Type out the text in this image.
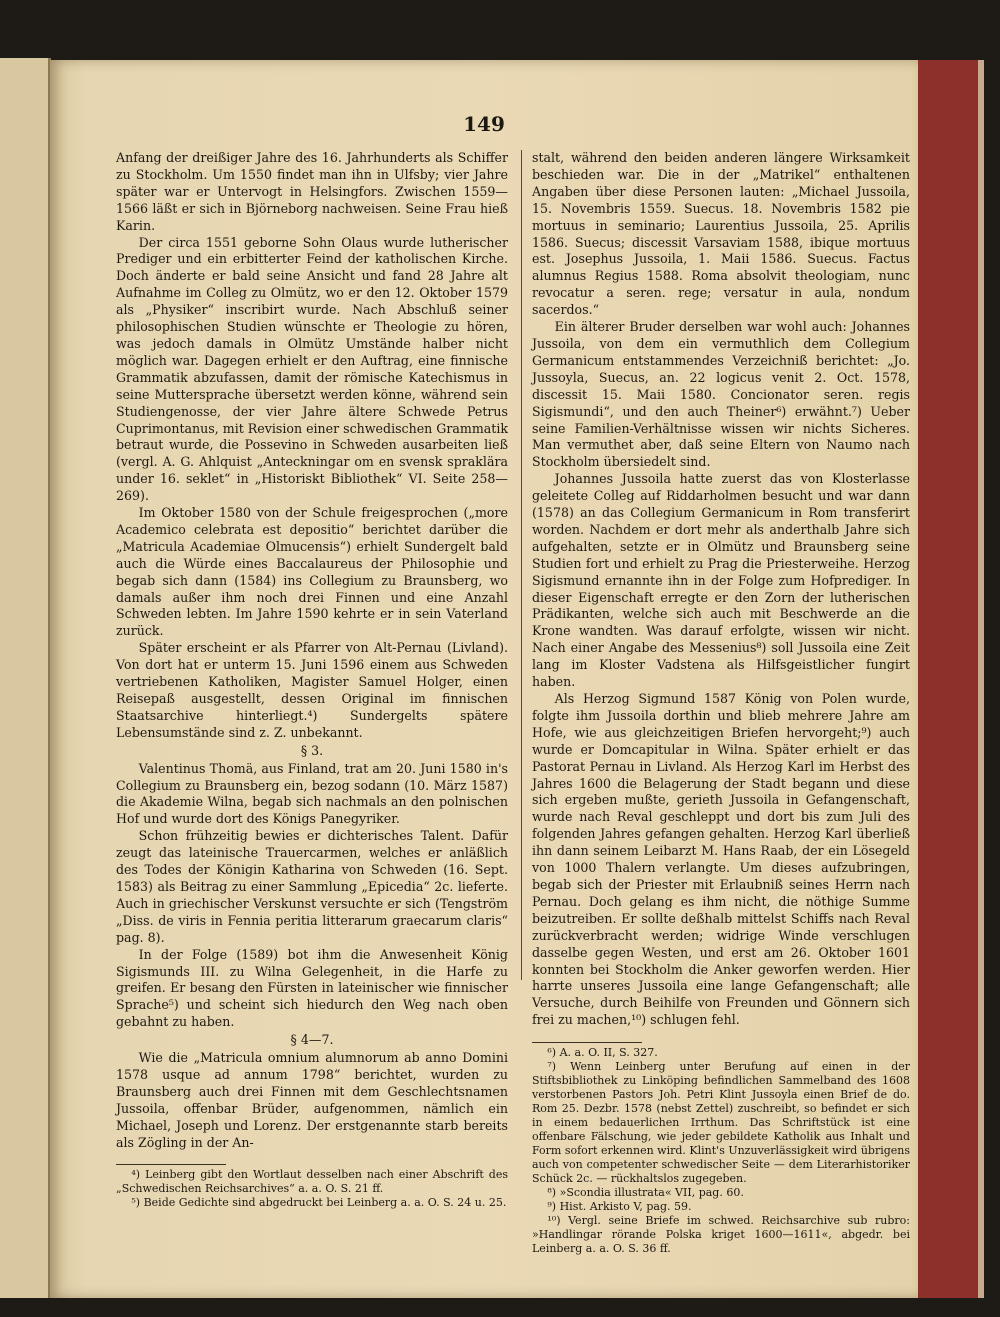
149

Anfang der dreißiger Jahre des 16. Jahrhunderts als Schiffer zu Stockholm. Um 1550 findet man ihn in Ulfsby; vier Jahre später war er Untervogt in Helsingfors. Zwischen 1559—1566 läßt er sich in Björneborg nachweisen. Seine Frau hieß Karin.

Der circa 1551 geborne Sohn Olaus wurde lutherischer Prediger und ein erbitterter Feind der katholischen Kirche. Doch änderte er bald seine Ansicht und fand 28 Jahre alt Aufnahme im Colleg zu Olmütz, wo er den 12. Oktober 1579 als „Physiker“ inscribirt wurde. Nach Abschluß seiner philosophischen Studien wünschte er Theologie zu hören, was jedoch damals in Olmütz Umstände halber nicht möglich war. Dagegen erhielt er den Auftrag, eine finnische Grammatik abzufassen, damit der römische Katechismus in seine Muttersprache übersetzt werden könne, während sein Studiengenosse, der vier Jahre ältere Schwede Petrus Cuprimontanus, mit Revision einer schwedischen Grammatik betraut wurde, die Possevino in Schweden ausarbeiten ließ (vergl. A. G. Ahlquist „Anteckningar om en svensk spraklära under 16. seklet“ in „Historiskt Bibliothek“ VI. Seite 258—269).

Im Oktober 1580 von der Schule freigesprochen („more Academico celebrata est depositio“ berichtet darüber die „Matricula Academiae Olmucensis“) erhielt Sundergelt bald auch die Würde eines Baccalaureus der Philosophie und begab sich dann (1584) ins Collegium zu Braunsberg, wo damals außer ihm noch drei Finnen und eine Anzahl Schweden lebten. Im Jahre 1590 kehrte er in sein Vaterland zurück.

Später erscheint er als Pfarrer von Alt-Pernau (Livland). Von dort hat er unterm 15. Juni 1596 einem aus Schweden vertriebenen Katholiken, Magister Samuel Holger, einen Reisepaß ausgestellt, dessen Original im finnischen Staatsarchive hinterliegt.⁴) Sundergelts spätere Lebensumstände sind z. Z. unbekannt.

§ 3.

Valentinus Thomä, aus Finland, trat am 20. Juni 1580 in's Collegium zu Braunsberg ein, bezog sodann (10. März 1587) die Akademie Wilna, begab sich nachmals an den polnischen Hof und wurde dort des Königs Panegyriker.

Schon frühzeitig bewies er dichterisches Talent. Dafür zeugt das lateinische Trauercarmen, welches er anläßlich des Todes der Königin Katharina von Schweden (16. Sept. 1583) als Beitrag zu einer Sammlung „Epicedia“ 2c. lieferte. Auch in griechischer Verskunst versuchte er sich (Tengström „Diss. de viris in Fennia peritia litterarum graecarum claris“ pag. 8).

In der Folge (1589) bot ihm die Anwesenheit König Sigismunds III. zu Wilna Gelegenheit, in die Harfe zu greifen. Er besang den Fürsten in lateinischer wie finnischer Sprache⁵) und scheint sich hiedurch den Weg nach oben gebahnt zu haben.

§ 4—7.

Wie die „Matricula omnium alumnorum ab anno Domini 1578 usque ad annum 1798“ berichtet, wurden zu Braunsberg auch drei Finnen mit dem Geschlechtsnamen Jussoila, offenbar Brüder, aufgenommen, nämlich ein Michael, Joseph und Lorenz. Der erstgenannte starb bereits als Zögling in der An-

⁴) Leinberg gibt den Wortlaut desselben nach einer Abschrift des „Schwedischen Reichsarchives“ a. a. O. S. 21 ff.

⁵) Beide Gedichte sind abgedruckt bei Leinberg a. a. O. S. 24 u. 25.

stalt, während den beiden anderen längere Wirksamkeit beschieden war. Die in der „Matrikel“ enthaltenen Angaben über diese Personen lauten: „Michael Jussoila, 15. Novembris 1559. Suecus. 18. Novembris 1582 pie mortuus in seminario; Laurentius Jussoila, 25. Aprilis 1586. Suecus; discessit Varsaviam 1588, ibique mortuus est. Josephus Jussoila, 1. Maii 1586. Suecus. Factus alumnus Regius 1588. Roma absolvit theologiam, nunc revocatur a seren. rege; versatur in aula, nondum sacerdos.“

Ein älterer Bruder derselben war wohl auch: Johannes Jussoila, von dem ein vermuthlich dem Collegium Germanicum entstammendes Verzeichniß berichtet: „Jo. Jussoyla, Suecus, an. 22 logicus venit 2. Oct. 1578, discessit 15. Maii 1580. Concionator seren. regis Sigismundi“, und den auch Theiner⁶) erwähnt.⁷) Ueber seine Familien-Verhältnisse wissen wir nichts Sicheres. Man vermuthet aber, daß seine Eltern von Naumo nach Stockholm übersiedelt sind.

Johannes Jussoila hatte zuerst das von Klosterlasse geleitete Colleg auf Riddarholmen besucht und war dann (1578) an das Collegium Germanicum in Rom transferirt worden. Nachdem er dort mehr als anderthalb Jahre sich aufgehalten, setzte er in Olmütz und Braunsberg seine Studien fort und erhielt zu Prag die Priesterweihe. Herzog Sigismund ernannte ihn in der Folge zum Hofprediger. In dieser Eigenschaft erregte er den Zorn der lutherischen Prädikanten, welche sich auch mit Beschwerde an die Krone wandten. Was darauf erfolgte, wissen wir nicht. Nach einer Angabe des Messenius⁸) soll Jussoila eine Zeit lang im Kloster Vadstena als Hilfsgeistlicher fungirt haben.

Als Herzog Sigmund 1587 König von Polen wurde, folgte ihm Jussoila dorthin und blieb mehrere Jahre am Hofe, wie aus gleichzeitigen Briefen hervorgeht;⁹) auch wurde er Domcapitular in Wilna. Später erhielt er das Pastorat Pernau in Livland. Als Herzog Karl im Herbst des Jahres 1600 die Belagerung der Stadt begann und diese sich ergeben mußte, gerieth Jussoila in Gefangenschaft, wurde nach Reval geschleppt und dort bis zum Juli des folgenden Jahres gefangen gehalten. Herzog Karl überließ ihn dann seinem Leibarzt M. Hans Raab, der ein Lösegeld von 1000 Thalern verlangte. Um dieses aufzubringen, begab sich der Priester mit Erlaubniß seines Herrn nach Pernau. Doch gelang es ihm nicht, die nöthige Summe beizutreiben. Er sollte deßhalb mittelst Schiffs nach Reval zurückverbracht werden; widrige Winde verschlugen dasselbe gegen Westen, und erst am 26. Oktober 1601 konnten bei Stockholm die Anker geworfen werden. Hier harrte unseres Jussoila eine lange Gefangenschaft; alle Versuche, durch Beihilfe von Freunden und Gönnern sich frei zu machen,¹⁰) schlugen fehl.

⁶) A. a. O. II, S. 327.

⁷) Wenn Leinberg unter Berufung auf einen in der Stiftsbibliothek zu Linköping befindlichen Sammelband des 1608 verstorbenen Pastors Joh. Petri Klint Jussoyla einen Brief de do. Rom 25. Dezbr. 1578 (nebst Zettel) zuschreibt, so befindet er sich in einem bedauerlichen Irrthum. Das Schriftstück ist eine offenbare Fälschung, wie jeder gebildete Katholik aus Inhalt und Form sofort erkennen wird. Klint's Unzuverlässigkeit wird übrigens auch von competenter schwedischer Seite — dem Literarhistoriker Schück 2c. — rückhaltslos zugegeben.

⁸) »Scondia illustrata« VII, pag. 60.

⁹) Hist. Arkisto V, pag. 59.

¹⁰) Vergl. seine Briefe im schwed. Reichsarchive sub rubro: »Handlingar rörande Polska kriget 1600—1611«, abgedr. bei Leinberg a. a. O. S. 36 ff.
